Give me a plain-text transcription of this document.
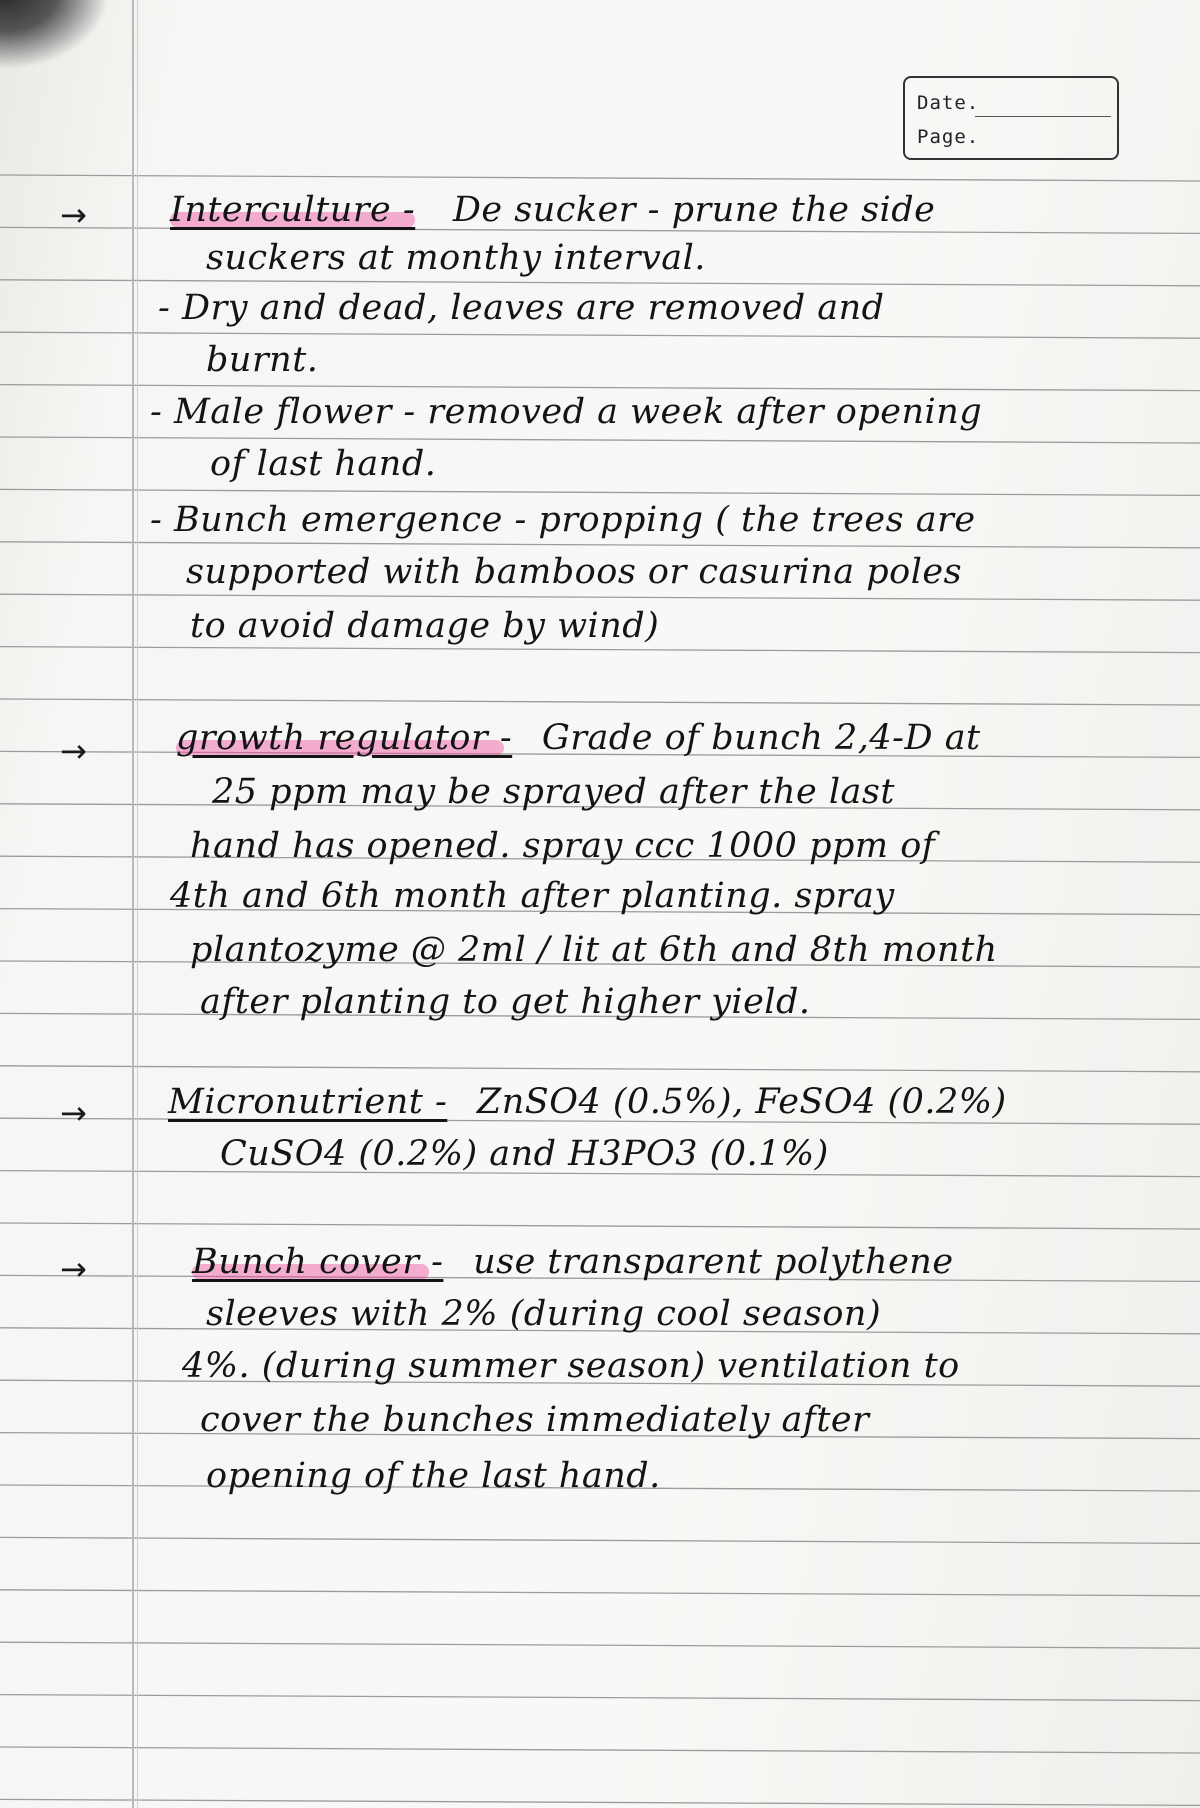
Date.
Page.
→
→
→
→
Interculture - De sucker - prune the side
suckers at monthy interval.
- Dry and dead, leaves are removed and
burnt.
- Male flower - removed a week after opening
of last hand.
- Bunch emergence - propping ( the trees are
supported with bamboos or casurina poles
to avoid damage by wind)
growth regulator - Grade of bunch 2,4-D at
25 ppm may be sprayed after the last
hand has opened. spray ccc 1000 ppm of
4th and 6th month after planting. spray
plantozyme @ 2ml / lit at 6th and 8th month
after planting to get higher yield.
Micronutrient - ZnSO4 (0.5%), FeSO4 (0.2%)
CuSO4 (0.2%) and H3PO3 (0.1%)
Bunch cover - use transparent polythene
sleeves with 2% (during cool season)
4%. (during summer season) ventilation to
cover the bunches immediately after
opening of the last hand.
